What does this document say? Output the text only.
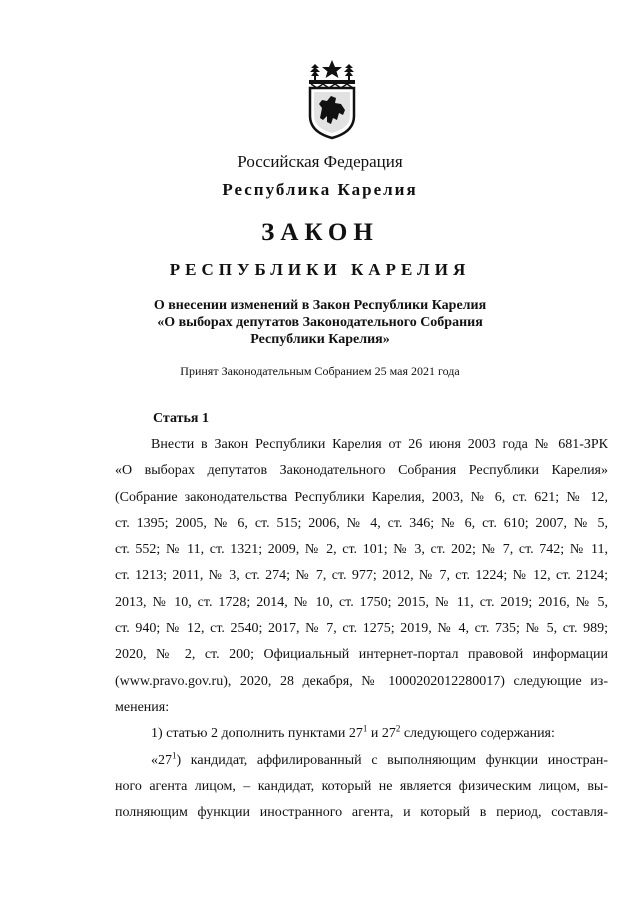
Российская Федерация
Республика Карелия
ЗАКОН
РЕСПУБЛИКИ КАРЕЛИЯ
О внесении изменений в Закон Республики Карелия
«О выборах депутатов Законодательного Собрания
Республики Карелия»
Принят Законодательным Собранием 25 мая 2021 года
Статья 1
Внести в Закон Республики Карелия от 26 июня 2003 года № 681-ЗРК
«О выборах депутатов Законодательного Собрания Республики Карелия»
(Собрание законодательства Республики Карелия, 2003, № 6, ст. 621; № 12,
ст. 1395; 2005, № 6, ст. 515; 2006, № 4, ст. 346; № 6, ст. 610; 2007, № 5,
ст. 552; № 11, ст. 1321; 2009, № 2, ст. 101; № 3, ст. 202; № 7, ст. 742; № 11,
ст. 1213; 2011, № 3, ст. 274; № 7, ст. 977; 2012, № 7, ст. 1224; № 12, ст. 2124;
2013, № 10, ст. 1728; 2014, № 10, ст. 1750; 2015, № 11, ст. 2019; 2016, № 5,
ст. 940; № 12, ст. 2540; 2017, № 7, ст. 1275; 2019, № 4, ст. 735; № 5, ст. 989;
2020, № 2, ст. 200; Официальный интернет-портал правовой информации
(www.pravo.gov.ru), 2020, 28 декабря, № 1000202012280017) следующие из-
менения:
1) статью 2 дополнить пунктами $27^1$ и $27^2$ следующего содержания:
«$27^1$) кандидат, аффилированный с выполняющим функции иностран-
ного агента лицом, – кандидат, который не является физическим лицом, вы-
полняющим функции иностранного агента, и который в период, составля-
